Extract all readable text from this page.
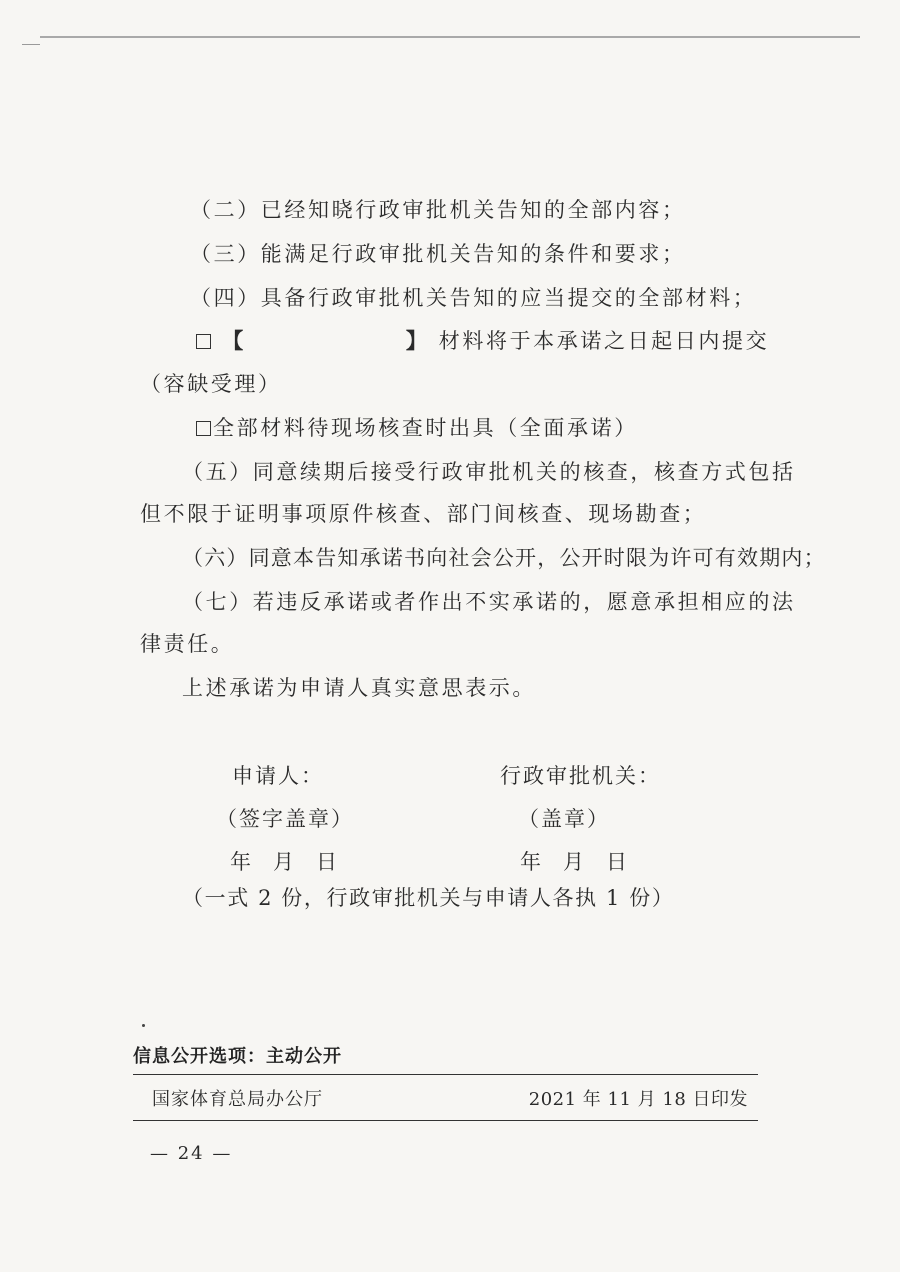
（二）已经知晓行政审批机关告知的全部内容；
（三）能满足行政审批机关告知的条件和要求；
（四）具备行政审批机关告知的应当提交的全部材料；
【	】 材料将于本承诺之日起日内提交
（容缺受理）
全部材料待现场核查时出具（全面承诺）
（五）同意续期后接受行政审批机关的核查，核查方式包括
但不限于证明事项原件核查、部门间核查、现场勘查；
（六）同意本告知承诺书向社会公开，公开时限为许可有效期内；
（七）若违反承诺或者作出不实承诺的，愿意承担相应的法
律责任。
上述承诺为申请人真实意思表示。
申请人：	行政审批机关：
（签字盖章）	（盖章）
年 月 日	年 月 日
（一式 2 份，行政审批机关与申请人各执 1 份）
信息公开选项：主动公开
国家体育总局办公厅	2021 年 11 月 18 日印发
— 24 —
